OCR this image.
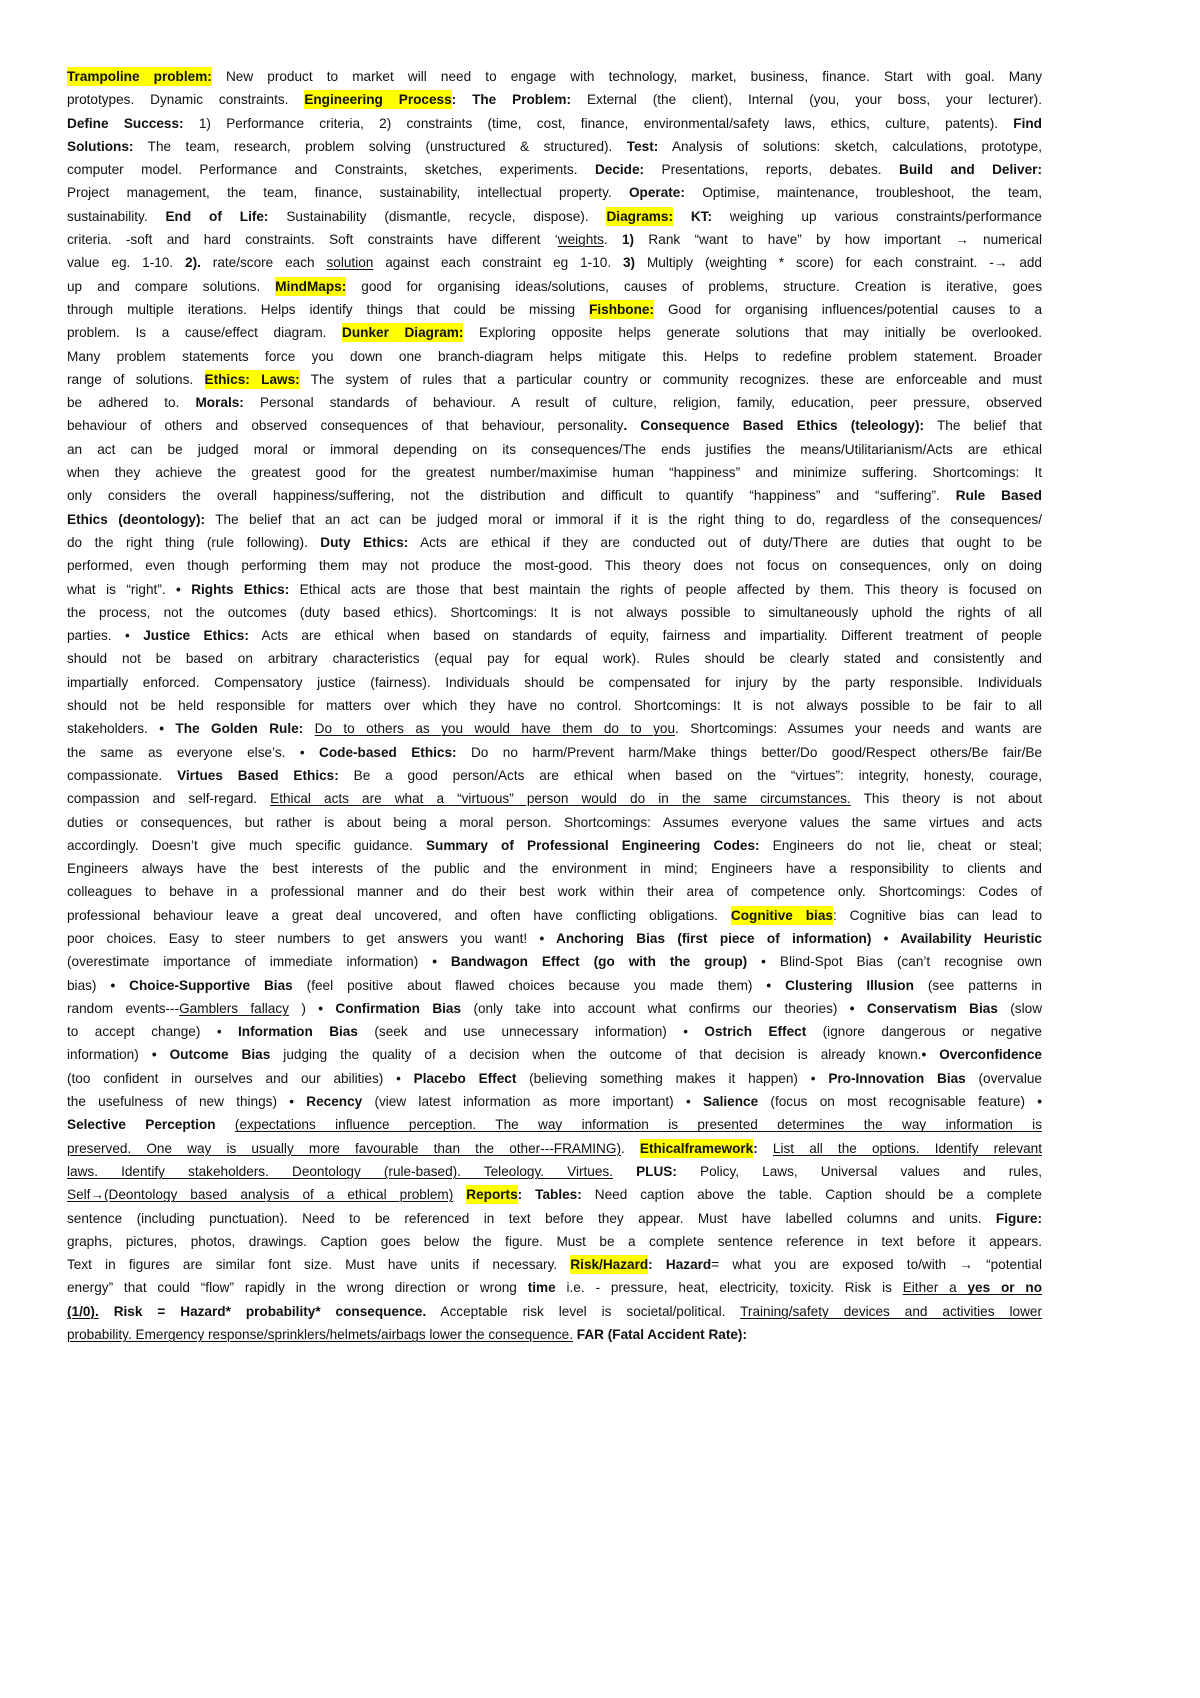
Trampoline problem: New product to market will need to engage with technology, market, business, finance. Start with goal. Many
prototypes. Dynamic constraints. Engineering Process: The Problem: External (the client), Internal (you, your boss, your lecturer).
Define Success: 1) Performance criteria, 2) constraints (time, cost, finance, environmental/safety laws, ethics, culture, patents). Find
Solutions: The team, research, problem solving (unstructured & structured). Test: Analysis of solutions: sketch, calculations, prototype,
computer model. Performance and Constraints, sketches, experiments. Decide: Presentations, reports, debates. Build and Deliver:
Project management, the team, finance, sustainability, intellectual property. Operate: Optimise, maintenance, troubleshoot, the team,
sustainability. End of Life: Sustainability (dismantle, recycle, dispose). Diagrams: KT: weighing up various constraints/performance
criteria. -soft and hard constraints. Soft constraints have different ‘weights. 1) Rank “want to have” by how important → numerical
value eg. 1-10. 2). rate/score each solution against each constraint eg 1-10. 3) Multiply (weighting * score) for each constraint. -→ add
up and compare solutions. MindMaps: good for organising ideas/solutions, causes of problems, structure. Creation is iterative, goes
through multiple iterations. Helps identify things that could be missing Fishbone: Good for organising influences/potential causes to a
problem. Is a cause/effect diagram. Dunker Diagram: Exploring opposite helps generate solutions that may initially be overlooked.
Many problem statements force you down one branch-diagram helps mitigate this. Helps to redefine problem statement. Broader
range of solutions. Ethics: Laws: The system of rules that a particular country or community recognizes. these are enforceable and must
be adhered to. Morals: Personal standards of behaviour. A result of culture, religion, family, education, peer pressure, observed
behaviour of others and observed consequences of that behaviour, personality. Consequence Based Ethics (teleology): The belief that
an act can be judged moral or immoral depending on its consequences/The ends justifies the means/Utilitarianism/Acts are ethical
when they achieve the greatest good for the greatest number/maximise human “happiness” and minimize suffering. Shortcomings: It
only considers the overall happiness/suffering, not the distribution and difficult to quantify “happiness” and “suffering”. Rule Based
Ethics (deontology): The belief that an act can be judged moral or immoral if it is the right thing to do, regardless of the consequences/
do the right thing (rule following). Duty Ethics: Acts are ethical if they are conducted out of duty/There are duties that ought to be
performed, even though performing them may not produce the most-good. This theory does not focus on consequences, only on doing
what is “right”. • Rights Ethics: Ethical acts are those that best maintain the rights of people affected by them. This theory is focused on
the process, not the outcomes (duty based ethics). Shortcomings: It is not always possible to simultaneously uphold the rights of all
parties. • Justice Ethics: Acts are ethical when based on standards of equity, fairness and impartiality. Different treatment of people
should not be based on arbitrary characteristics (equal pay for equal work). Rules should be clearly stated and consistently and
impartially enforced. Compensatory justice (fairness). Individuals should be compensated for injury by the party responsible. Individuals
should not be held responsible for matters over which they have no control. Shortcomings: It is not always possible to be fair to all
stakeholders. • The Golden Rule: Do to others as you would have them do to you. Shortcomings: Assumes your needs and wants are
the same as everyone else’s. • Code-based Ethics: Do no harm/Prevent harm/Make things better/Do good/Respect others/Be fair/Be
compassionate. Virtues Based Ethics: Be a good person/Acts are ethical when based on the “virtues”: integrity, honesty, courage,
compassion and self-regard. Ethical acts are what a “virtuous” person would do in the same circumstances. This theory is not about
duties or consequences, but rather is about being a moral person. Shortcomings: Assumes everyone values the same virtues and acts
accordingly. Doesn’t give much specific guidance. Summary of Professional Engineering Codes: Engineers do not lie, cheat or steal;
Engineers always have the best interests of the public and the environment in mind; Engineers have a responsibility to clients and
colleagues to behave in a professional manner and do their best work within their area of competence only. Shortcomings: Codes of
professional behaviour leave a great deal uncovered, and often have conflicting obligations. Cognitive bias: Cognitive bias can lead to
poor choices. Easy to steer numbers to get answers you want! • Anchoring Bias (first piece of information) • Availability Heuristic
(overestimate importance of immediate information) • Bandwagon Effect (go with the group) • Blind-Spot Bias (can’t recognise own
bias) • Choice-Supportive Bias (feel positive about flawed choices because you made them) • Clustering Illusion (see patterns in
random events---Gamblers fallacy ) • Confirmation Bias (only take into account what confirms our theories) • Conservatism Bias (slow
to accept change) • Information Bias (seek and use unnecessary information) • Ostrich Effect (ignore dangerous or negative
information) • Outcome Bias judging the quality of a decision when the outcome of that decision is already known.• Overconfidence
(too confident in ourselves and our abilities) • Placebo Effect (believing something makes it happen) • Pro-Innovation Bias (overvalue
the usefulness of new things) • Recency (view latest information as more important) • Salience (focus on most recognisable feature) •
Selective Perception (expectations influence perception. The way information is presented determines the way information is
preserved. One way is usually more favourable than the other---FRAMING). Ethicalframework: List all the options. Identify relevant
laws. Identify stakeholders. Deontology (rule-based). Teleology. Virtues. PLUS: Policy, Laws, Universal values and rules,
Self→(Deontology based analysis of a ethical problem) Reports: Tables: Need caption above the table. Caption should be a complete
sentence (including punctuation). Need to be referenced in text before they appear. Must have labelled columns and units. Figure:
graphs, pictures, photos, drawings. Caption goes below the figure. Must be a complete sentence reference in text before it appears.
Text in figures are similar font size. Must have units if necessary. Risk/Hazard: Hazard= what you are exposed to/with → “potential
energy” that could “flow” rapidly in the wrong direction or wrong time i.e. - pressure, heat, electricity, toxicity. Risk is Either a yes or no
(1/0). Risk = Hazard* probability* consequence. Acceptable risk level is societal/political. Training/safety devices and activities lower
probability. Emergency response/sprinklers/helmets/airbags lower the consequence. FAR (Fatal Accident Rate):
